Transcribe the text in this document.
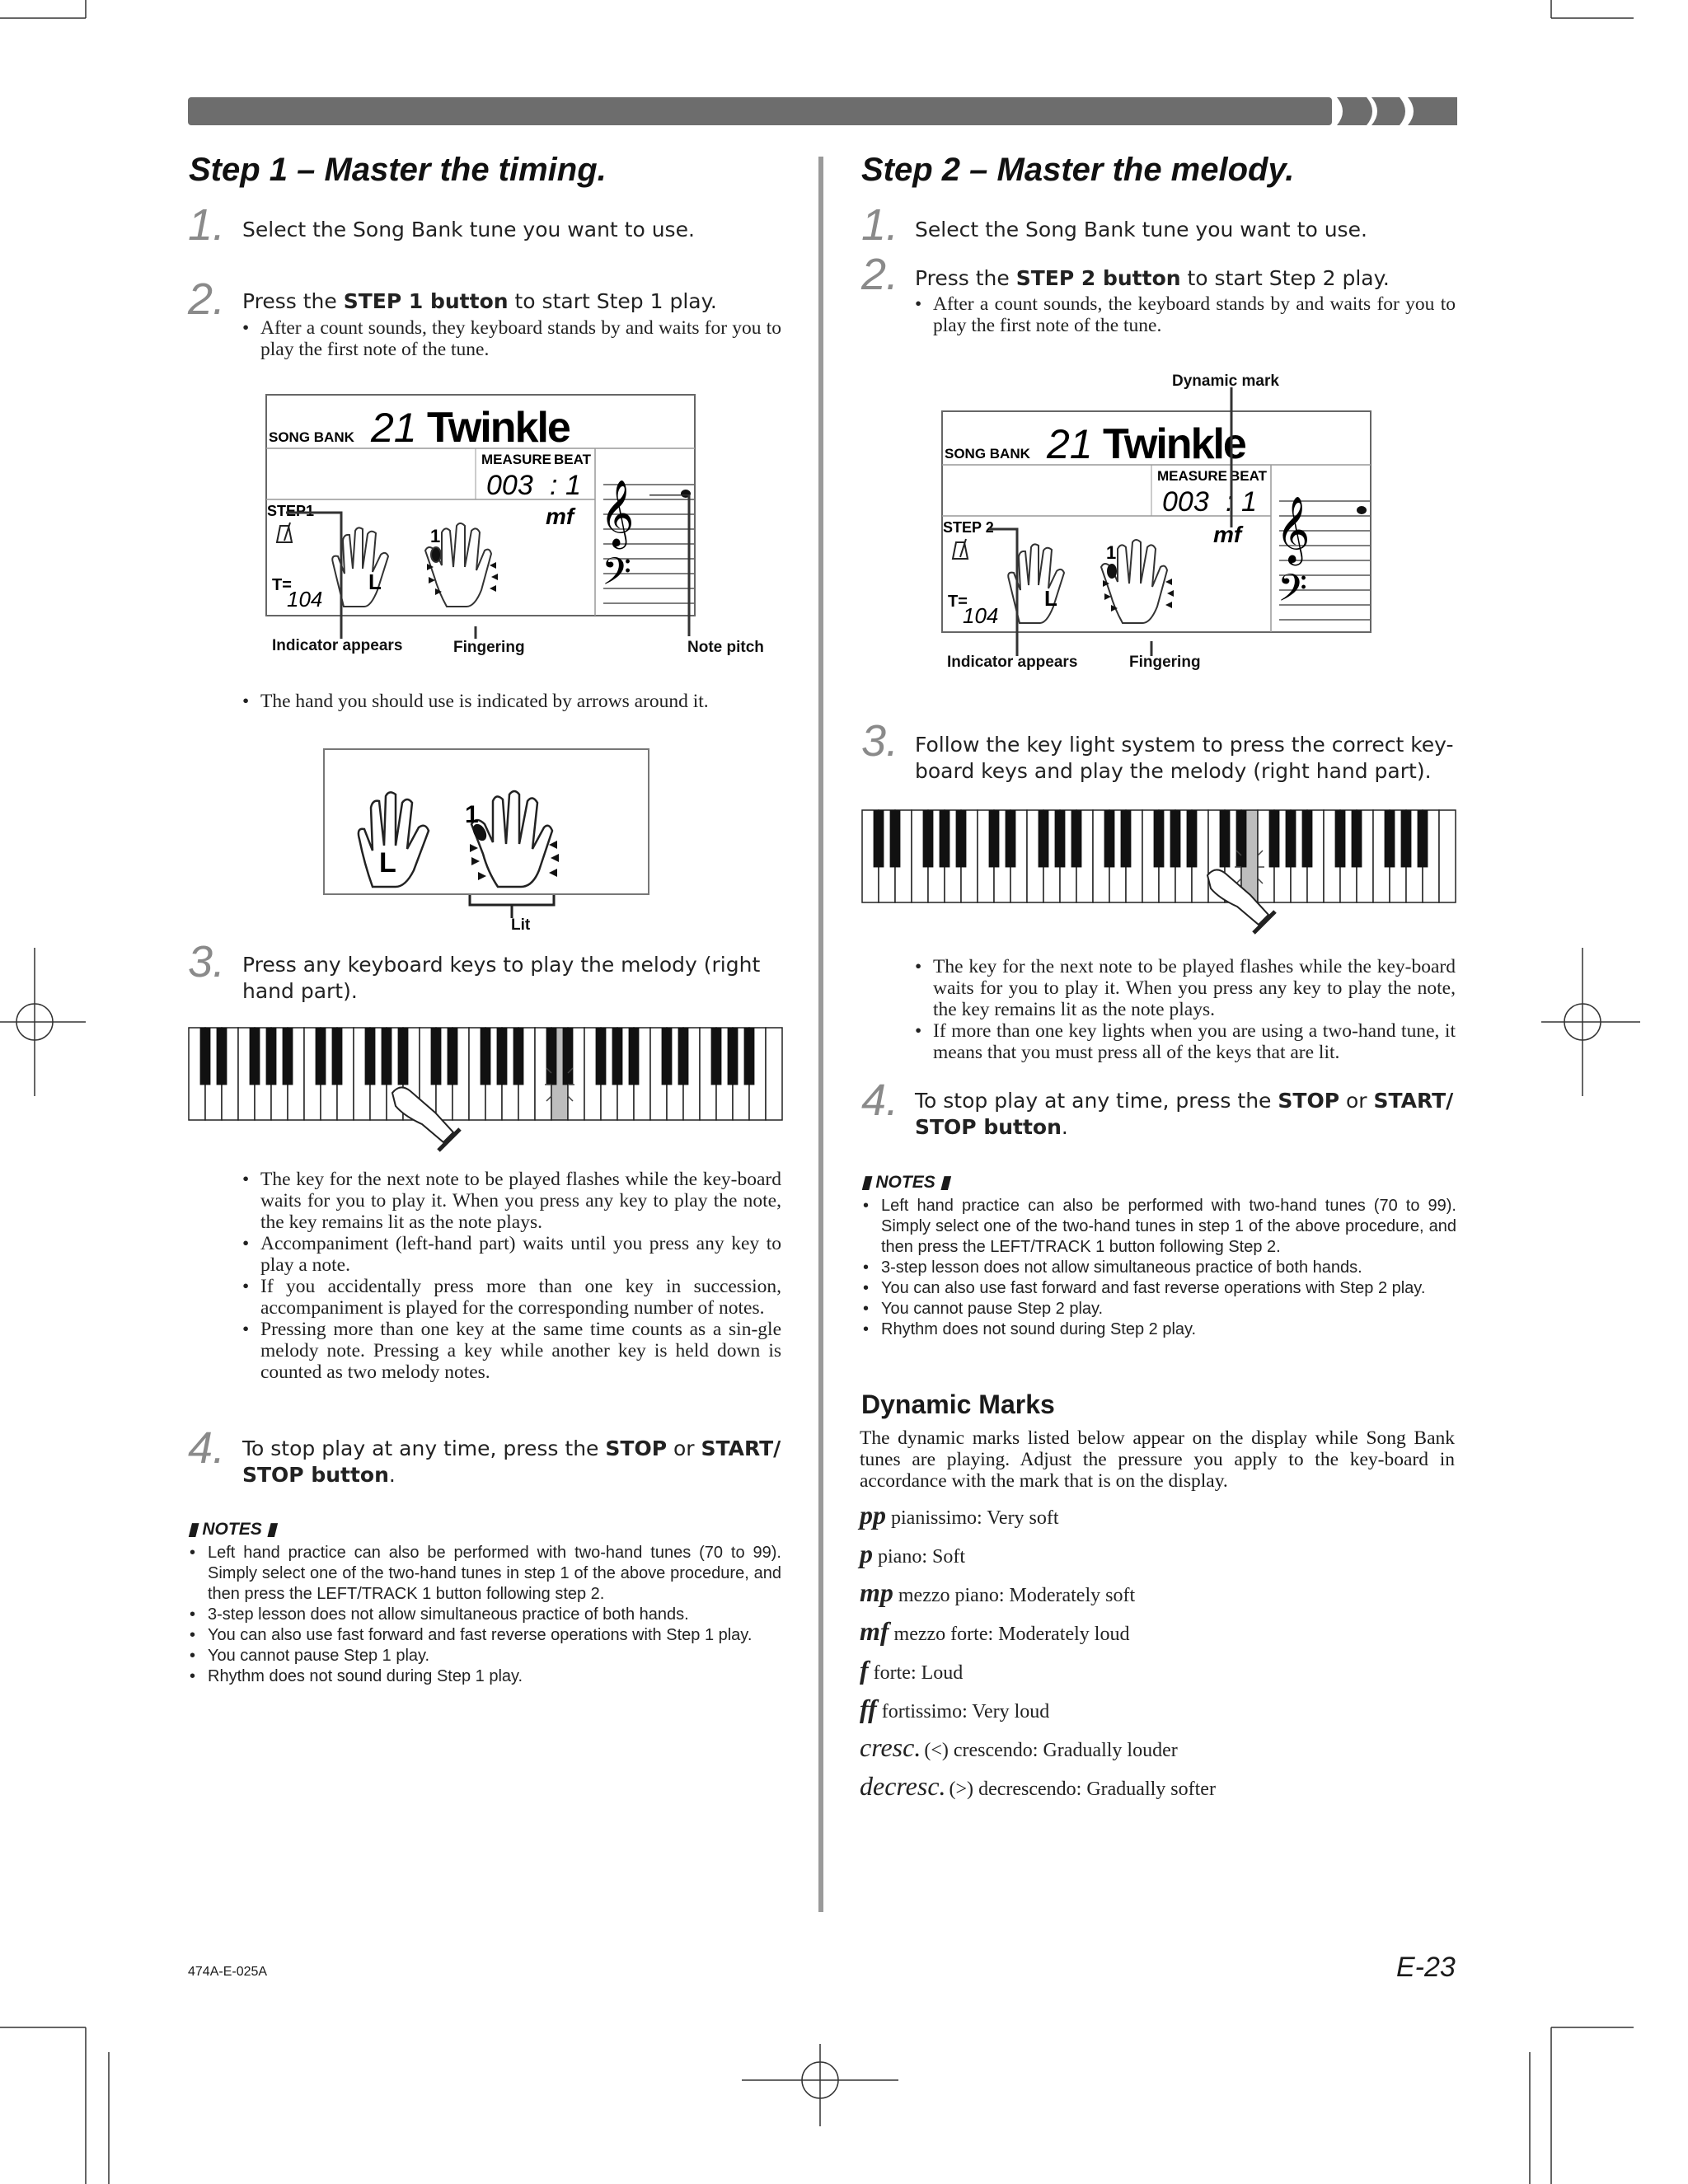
Step 1 – Master the timing.
1. Select the Song Bank tune you want to use.
2. Press the STEP 1 button to start Step 1 play.
• After a count sounds, they keyboard stands by and waits for you to play the first note of the tune.
SONG BANK 21 Twinkle
MEASURE BEAT
003 : 1
STEP1
T=
104
mf
L
1	𝄞
𝄢
Indicator appears	Fingering	Note pitch
• The hand you should use is indicated by arrows around it.
L
1
Lit
3. Press any keyboard keys to play the melody (right hand part).
• The key for the next note to be played flashes while the key-board waits for you to play it. When you press any key to play the note, the key remains lit as the note plays.
• Accompaniment (left-hand part) waits until you press any key to play a note.
• If you accidentally press more than one key in succession, accompaniment is played for the corresponding number of notes.
• Pressing more than one key at the same time counts as a sin-gle melody note. Pressing a key while another key is held down is counted as two melody notes.
4. To stop play at any time, press the STOP or START/ STOP button.
▮ NOTES ▮
• Left hand practice can also be performed with two-hand tunes (70 to 99). Simply select one of the two-hand tunes in step 1 of the above procedure, and then press the LEFT/TRACK 1 button following step 2.
• 3-step lesson does not allow simultaneous practice of both hands.
• You can also use fast forward and fast reverse operations with Step 1 play.
• You cannot pause Step 1 play.
• Rhythm does not sound during Step 1 play.
Step 2 – Master the melody.
1. Select the Song Bank tune you want to use.
2. Press the STEP 2 button to start Step 2 play.
• After a count sounds, the keyboard stands by and waits for you to play the first note of the tune.
Dynamic mark
SONG BANK 21 Twinkle
MEASURE BEAT
003 : 1
STEP 2
T=
104
mf
L
1	𝄞
𝄢
Indicator appears	Fingering
3. Follow the key light system to press the correct key-board keys and play the melody (right hand part).
• The key for the next note to be played flashes while the key-board waits for you to play it. When you press any key to play the note, the key remains lit as the note plays.
• If more than one key lights when you are using a two-hand tune, it means that you must press all of the keys that are lit.
4. To stop play at any time, press the STOP or START/ STOP button.
▮ NOTES ▮
• Left hand practice can also be performed with two-hand tunes (70 to 99). Simply select one of the two-hand tunes in step 1 of the above procedure, and then press the LEFT/TRACK 1 button following Step 2.
• 3-step lesson does not allow simultaneous practice of both hands.
• You can also use fast forward and fast reverse operations with Step 2 play.
• You cannot pause Step 2 play.
• Rhythm does not sound during Step 2 play.
Dynamic Marks
The dynamic marks listed below appear on the display while Song Bank tunes are playing. Adjust the pressure you apply to the key-board in accordance with the mark that is on the display.
pp pianissimo: Very soft
p piano: Soft
mp mezzo piano: Moderately soft
mf mezzo forte: Moderately loud
f forte: Loud
ff fortissimo: Very loud
cresc. (<) crescendo: Gradually louder
decresc. (>) decrescendo: Gradually softer
474A-E-025A	E-23
